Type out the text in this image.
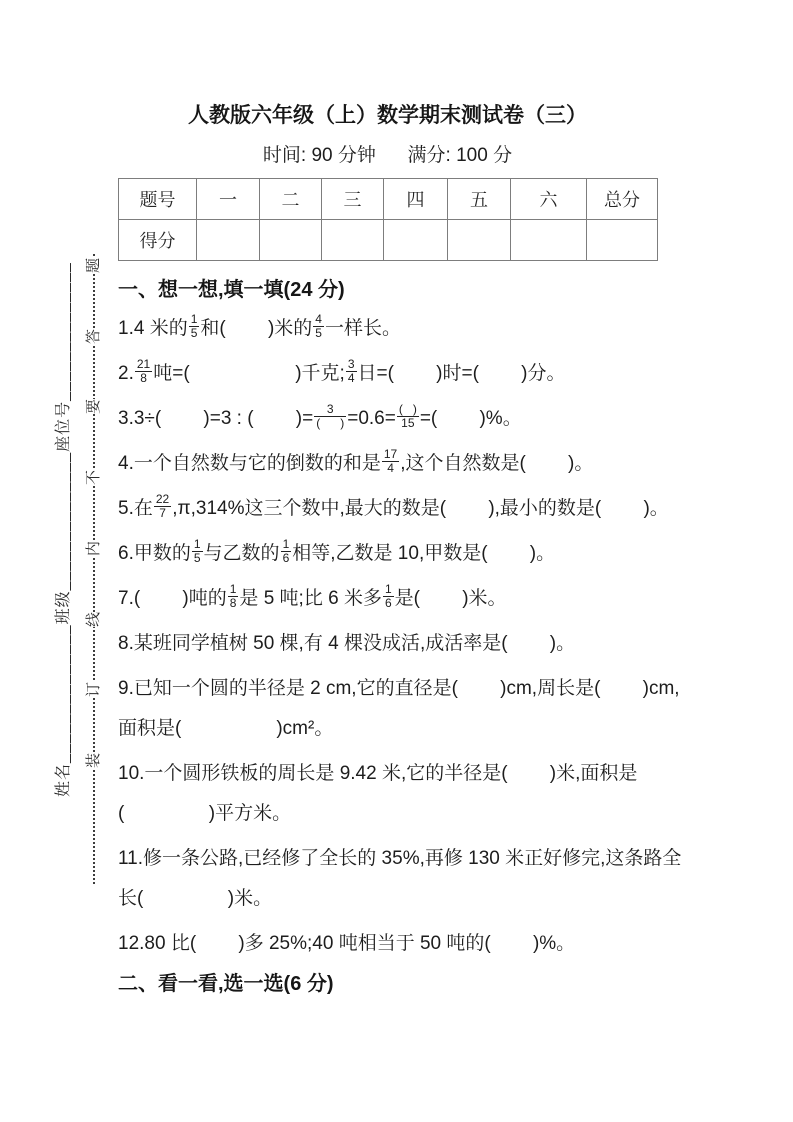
姓名______________班级______________座位号______________ 题
答
要
不
内
线
订
装
人教版六年级（上）数学期末测试卷（三）
时间: 90 分钟      满分: 100 分
题号	一	二	三	四	五	六	总分
得分							
一、想一想,填一填(24 分)
1.4 米的 $\frac{1}{5}$ 和(        )米的 $\frac{4}{5}$ 一样长。
2. $\frac{21}{8}$ 吨=(                    )千克; $\frac{3}{4}$ 日=(        )时=(        )分。
3.3÷(        )=3 : (        )= $\frac{3}{( )} =0.6= \frac{( )}{15}$ =(        )%。
4.一个自然数与它的倒数的和是 $\frac{17}{4}$ ,这个自然数是(        )。
5.在 $\frac{22}{7} ,\pi,314\%$这三个数中,最大的数是(        ),最小的数是(        )。
6.甲数的 $\frac{1}{5}$ 与乙数的 $\frac{1}{6}$ 相等,乙数是 10,甲数是(        )。
7.(        )吨的 $\frac{1}{8}$ 是 5 吨;比 6 米多 $\frac{1}{6}$ 是(        )米。
8.某班同学植树 50 棵,有 4 棵没成活,成活率是(        )。
9.已知一个圆的半径是 2 cm,它的直径是(        )cm,周长是(        )cm,
面积是(                  )cm²。
10.一个圆形铁板的周长是 9.42 米,它的半径是(        )米,面积是
(                )平方米。
11.修一条公路,已经修了全长的 35%,再修 130 米正好修完,这条路全
长(                )米。
12.80 比(        )多 25%;40 吨相当于 50 吨的(        )%。
二、看一看,选一选(6 分)
